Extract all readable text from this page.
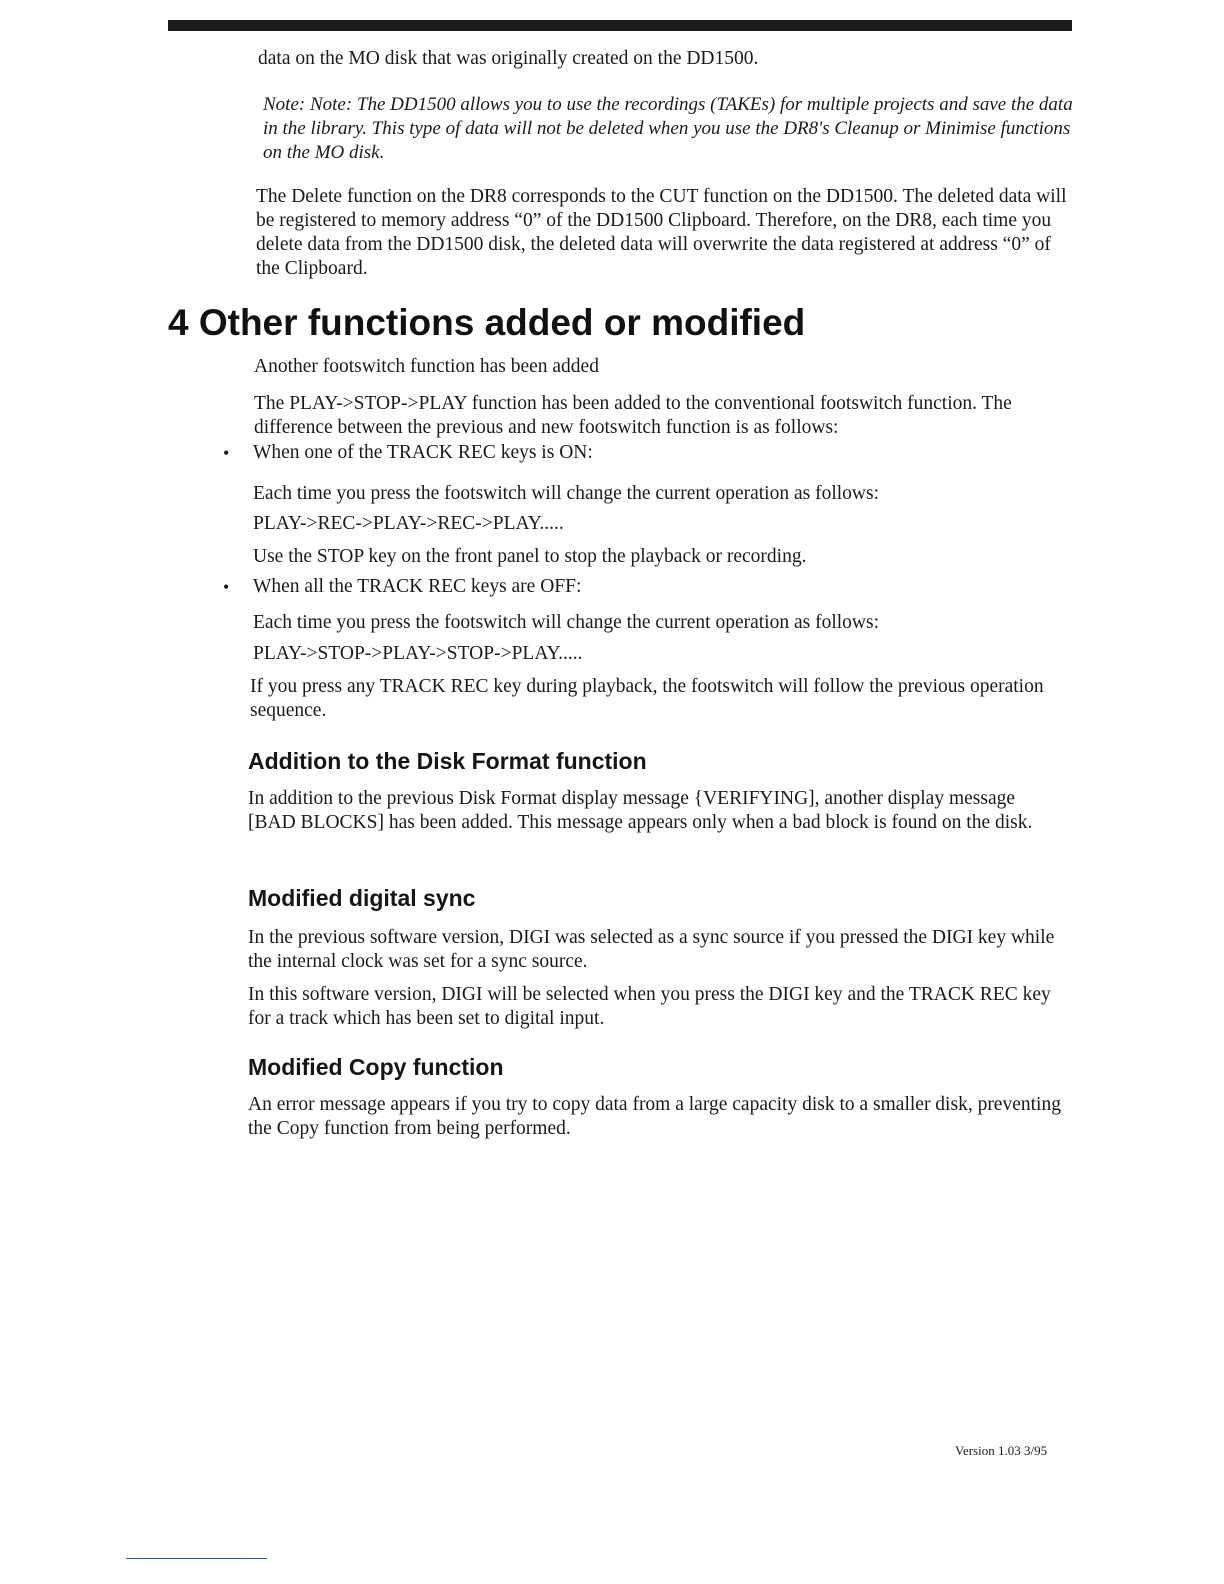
data on the MO disk that was originally created on the DD1500.

Note: Note: The DD1500 allows you to use the recordings (TAKEs) for multiple projects and save the data in the library. This type of data will not be deleted when you use the DR8's Cleanup or Minimise functions on the MO disk.

The Delete function on the DR8 corresponds to the CUT function on the DD1500. The deleted data will be registered to memory address “0” of the DD1500 Clipboard. Therefore, on the DR8, each time you delete data from the DD1500 disk, the deleted data will overwrite the data registered at address “0” of the Clipboard.

4 Other functions added or modified

Another footswitch function has been added

The PLAY->STOP->PLAY function has been added to the conventional footswitch function. The difference between the previous and new footswitch function is as follows:

• When one of the TRACK REC keys is ON:

Each time you press the footswitch will change the current operation as follows:

PLAY->REC->PLAY->REC->PLAY.....

Use the STOP key on the front panel to stop the playback or recording.

• When all the TRACK REC keys are OFF:

Each time you press the footswitch will change the current operation as follows:

PLAY->STOP->PLAY->STOP->PLAY.....

If you press any TRACK REC key during playback, the footswitch will follow the previous operation sequence.

Addition to the Disk Format function

In addition to the previous Disk Format display message {VERIFYING], another display message [BAD BLOCKS] has been added. This message appears only when a bad block is found on the disk.

Modified digital sync

In the previous software version, DIGI was selected as a sync source if you pressed the DIGI key while the internal clock was set for a sync source.

In this software version, DIGI will be selected when you press the DIGI key and the TRACK REC key for a track which has been set to digital input.

Modified Copy function

An error message appears if you try to copy data from a large capacity disk to a smaller disk, preventing the Copy function from being performed.

Version 1.03 3/95
